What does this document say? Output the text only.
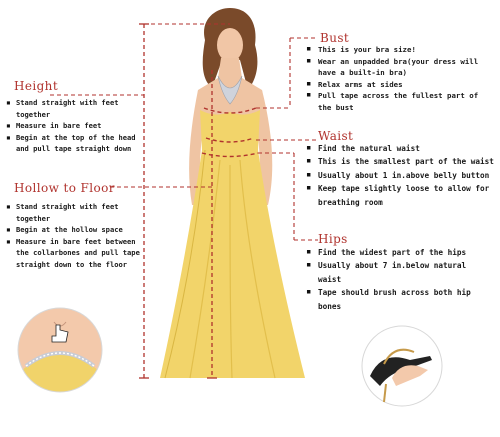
Height
▪ Stand straight with feet together
▪ Measure in bare feet
▪ Begin at the top of the head and pull tape straight down
Hollow to Floor
▪ Stand straight with feet together
▪ Begin at the hollow space
▪ Measure in bare feet between the collarbones and pull tape straight down to the floor
Bust
▪ This is your bra size!
▪ Wear an unpadded bra(your dress will have a built-in bra)
▪ Relax arms at sides
▪ Pull tape across the fullest part of the bust
Waist
▪ Find the natural waist
▪ This is the smallest part of the waist
▪ Usually about 1 in.above belly button
▪ Keep tape slightly loose to allow for breathing room
Hips
▪ Find the widest part of the hips
▪ Usually about 7 in.below natural waist
▪ Tape should brush across both hip bones
